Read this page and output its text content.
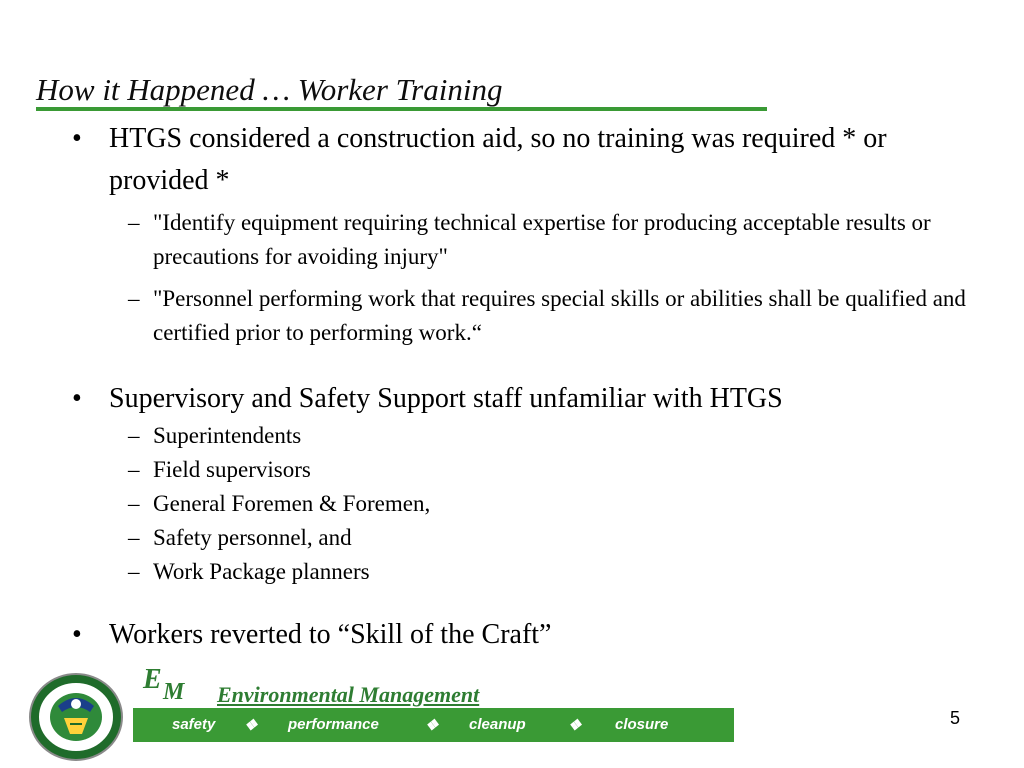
How it Happened … Worker Training
• HTGS considered a construction aid, so no training was required * or provided *
– "Identify equipment requiring technical expertise for producing acceptable results or precautions for avoiding injury"
– "Personnel performing work that requires special skills or abilities shall be qualified and certified prior to performing work.“
• Supervisory and Safety Support staff unfamiliar with HTGS
– Superintendents
– Field supervisors
– General Foremen & Foremen,
– Safety personnel, and
– Work Package planners
• Workers reverted to “Skill of the Craft”
E M Environmental Management
safety ❖ performance	❖ cleanup	❖ closure	5
